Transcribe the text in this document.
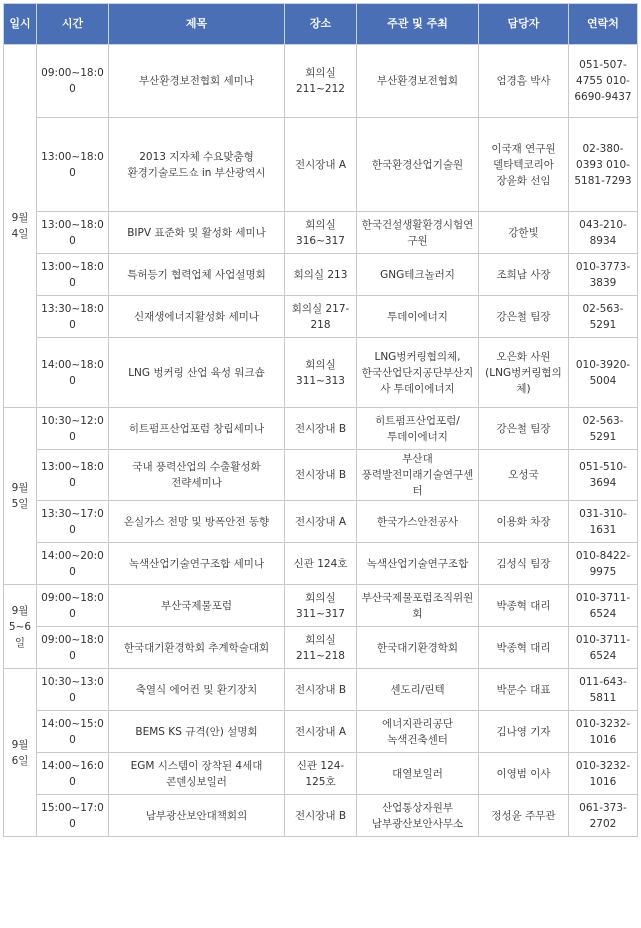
일시	시간	제목	장소	주관 및 주최	담당자	연락처
9월 4일	09:00~18:00	부산환경보전협회 세미나	회의실 211~212	부산환경보전협회	엄경흠 박사	051-507-4755 010-6690-9437
	13:00~18:00	2013 지자체 수요맞춤형 환경기술로드쇼 in 부산광역시	전시장내 A	한국환경산업기술원	이국재 연구원 델타텍코리아 장윤화 선임	02-380-0393 010-5181-7293
	13:00~18:00	BIPV 표준화 및 활성화 세미나	회의실 316~317	한국건설생활환경시험연구원	강한빛	043-210-8934
	13:00~18:00	특허등기 협력업체 사업설명회	회의실 213	GNG테크놀러지	조희남 사장	010-3773-3839
	13:30~18:00	신재생에너지활성화 세미나	회의실 217-218	투데이에너지	강은철 팀장	02-563-5291
	14:00~18:00	LNG 벙커링 산업 육성 워크숍	회의실 311~313	LNG벙커링협의체, 한국산업단지공단부산지사 투데이에너지	오은화 사원 (LNG벙커링협의체)	010-3920-5004
9월 5일	10:30~12:00	히트펌프산업포럼 창립세미나	전시장내 B	히트펌프산업포럼/투데이에너지	강은철 팀장	02-563-5291
	13:00~18:00	국내 풍력산업의 수출활성화 전략세미나	전시장내 B	부산대 풍력발전미래기술연구센터	오성국	051-510-3694
	13:30~17:00	온실가스 전망 및 방폭안전 동향	전시장내 A	한국가스안전공사	이용화 차장	031-310-1631
	14:00~20:00	녹색산업기술연구조합 세미나	신관 124호	녹색산업기술연구조합	김성식 팀장	010-8422-9975
9월 5~6일	09:00~18:00	부산국제물포럼	회의실 311~317	부산국제물포럼조직위원회	박종혁 대리	010-3711-6524
	09:00~18:00	한국대기환경학회 추계학술대회	회의실 211~218	한국대기환경학회	박종혁 대리	010-3711-6524
9월 6일	10:30~13:00	축열식 에어컨 및 환기장치	전시장내 B	센도리/린텍	박문수 대표	011-643-5811
	14:00~15:00	BEMS KS 규격(안) 설명회	전시장내 A	에너지관리공단 녹색건축센터	김나영 기자	010-3232-1016
	14:00~16:00	EGM 시스템이 장착된 4세대 콘덴싱보일러	신관 124-125호	대열보일러	이영범 이사	010-3232-1016
	15:00~17:00	남부광산보안대책회의	전시장내 B	산업통상자원부 남부광산보안사무소	정성윤 주무관	061-373-2702
